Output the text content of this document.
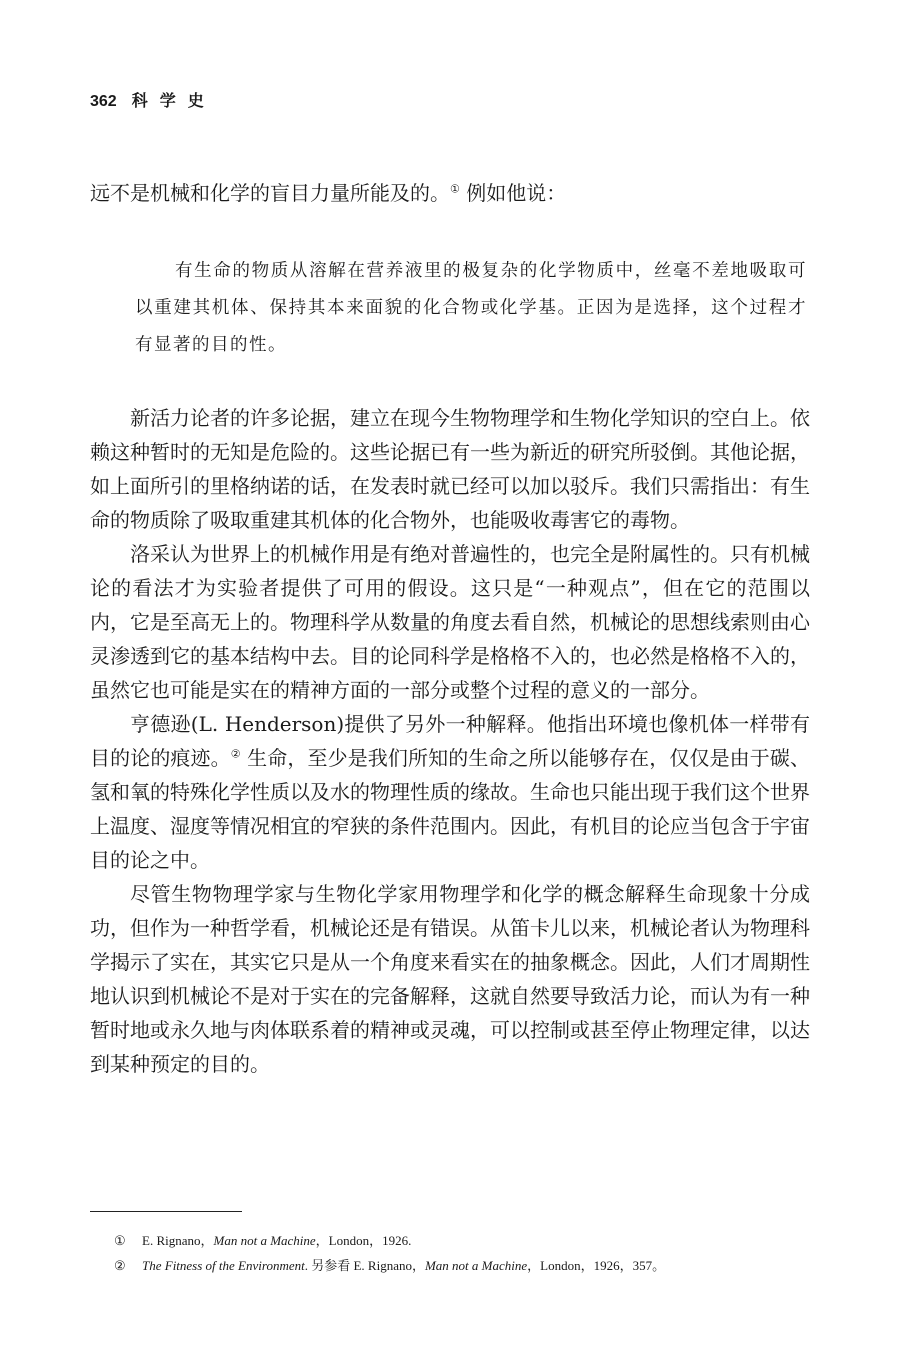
362 科学史

远不是机械和化学的盲目力量所能及的。① 例如他说：

有生命的物质从溶解在营养液里的极复杂的化学物质中，丝毫不差地吸取可以重建其机体、保持其本来面貌的化合物或化学基。正因为是选择，这个过程才有显著的目的性。

新活力论者的许多论据，建立在现今生物物理学和生物化学知识的空白上。依赖这种暂时的无知是危险的。这些论据已有一些为新近的研究所驳倒。其他论据，如上面所引的里格纳诺的话，在发表时就已经可以加以驳斥。我们只需指出：有生命的物质除了吸取重建其机体的化合物外，也能吸收毒害它的毒物。

洛采认为世界上的机械作用是有绝对普遍性的，也完全是附属性的。只有机械论的看法才为实验者提供了可用的假设。这只是“一种观点”，但在它的范围以内，它是至高无上的。物理科学从数量的角度去看自然，机械论的思想线索则由心灵渗透到它的基本结构中去。目的论同科学是格格不入的，也必然是格格不入的，虽然它也可能是实在的精神方面的一部分或整个过程的意义的一部分。

亨德逊(L. Henderson)提供了另外一种解释。他指出环境也像机体一样带有目的论的痕迹。② 生命，至少是我们所知的生命之所以能够存在，仅仅是由于碳、氢和氧的特殊化学性质以及水的物理性质的缘故。生命也只能出现于我们这个世界上温度、湿度等情况相宜的窄狭的条件范围内。因此，有机目的论应当包含于宇宙目的论之中。

尽管生物物理学家与生物化学家用物理学和化学的概念解释生命现象十分成功，但作为一种哲学看，机械论还是有错误。从笛卡儿以来，机械论者认为物理科学揭示了实在，其实它只是从一个角度来看实在的抽象概念。因此，人们才周期性地认识到机械论不是对于实在的完备解释，这就自然要导致活力论，而认为有一种暂时地或永久地与肉体联系着的精神或灵魂，可以控制或甚至停止物理定律，以达到某种预定的目的。

① E. Rignano，Man not a Machine，London，1926.
② The Fitness of the Environment. 另参看 E. Rignano，Man not a Machine，London，1926，357。
